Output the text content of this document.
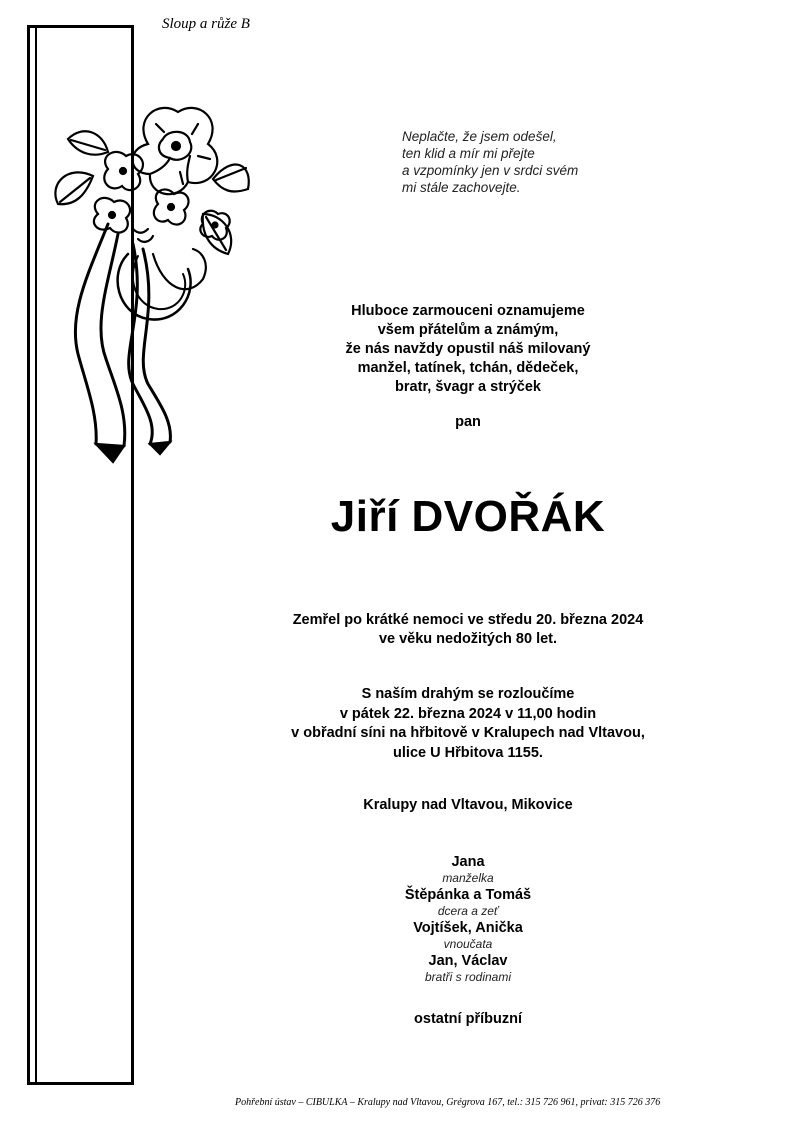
Sloup a růže B
Neplačte, že jsem odešel,
ten klid a mír mi přejte
a vzpomínky jen v srdci svém
mi stále zachovejte.
Hluboce zarmouceni oznamujeme
všem přátelům a známým,
že nás navždy opustil náš milovaný
manžel, tatínek, tchán, dědeček,
bratr, švagr a strýček
pan
Jiří DVOŘÁK
Zemřel po krátké nemoci ve středu 20. března 2024
ve věku nedožitých 80 let.
S naším drahým se rozloučíme
v pátek 22. března 2024 v 11,00 hodin
v obřadní síni na hřbitově v Kralupech nad Vltavou,
ulice U Hřbitova 1155.
Kralupy nad Vltavou, Mikovice
Jana
manželka
Štěpánka a Tomáš
dcera a zeť
Vojtíšek, Anička
vnoučata
Jan, Václav
bratři s rodinami
ostatní příbuzní
Pohřební ústav – CIBULKA – Kralupy nad Vltavou, Grégrova 167, tel.: 315 726 961, privat: 315 726 376
